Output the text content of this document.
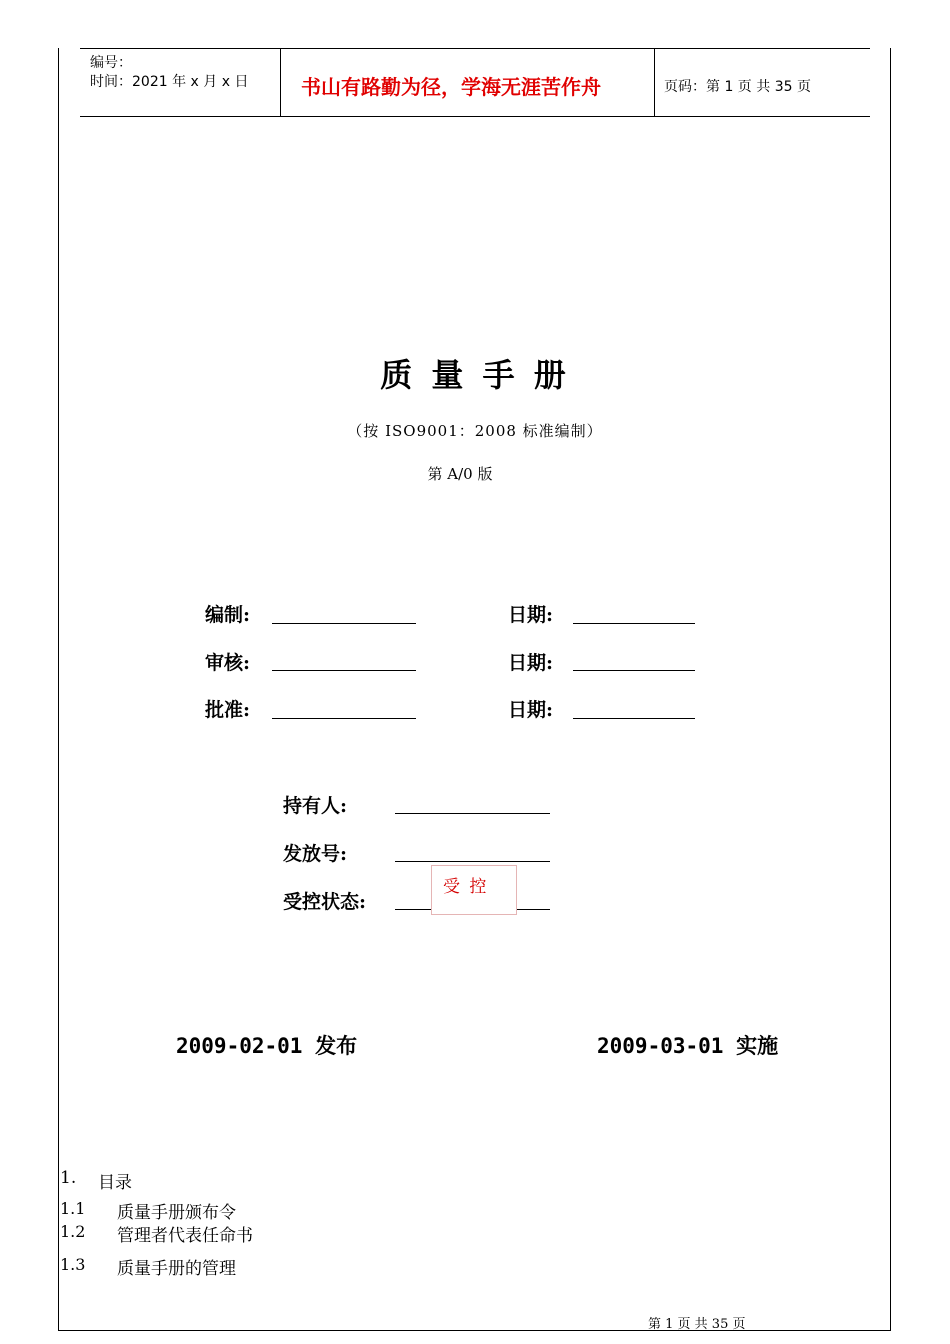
编号：
时间：2021 年 x 月 x 日	书山有路勤为径，学海无涯苦作舟	页码：第 1 页 共 35 页
质 量 手 册
（按 ISO9001：2008 标准编制）
第 A/0 版
编制:	日期:
审核:	日期:
批准:	日期:
持有人:
发放号:
受控状态:
受 控
2009-02-01 发布	2009-03-01 实施
1. 目录
1.1 质量手册颁布令
1.2 管理者代表任命书
1.3 质量手册的管理
第 1 页 共 35 页
